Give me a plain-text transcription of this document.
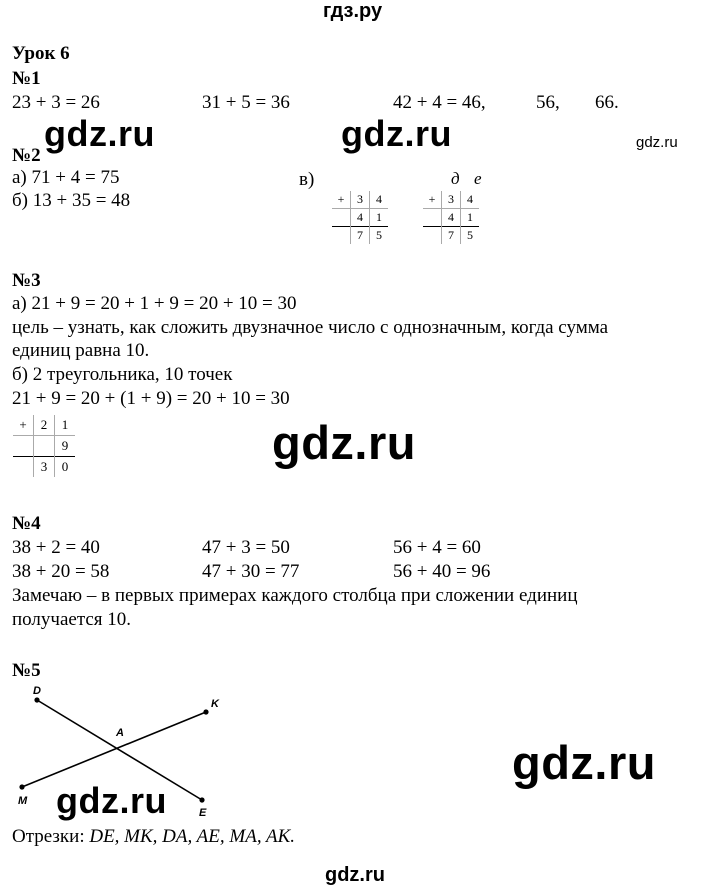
гдз.ру
gdz.ru	gdz.ru	gdz.ru
gdz.ru
gdz.ru
gdz.ru
gdz.ru
Урок 6
№1
23 + 3 = 26	31 + 5 = 36	42 + 4 = 46,	56, 66.
№2
а) 71 + 4 = 75
б) 13 + 35 = 48
в)	д е
+	3	4
	4	1
	7	5
+	3	4
	4	1
	7	5
№3
а) 21 + 9 = 20 + 1 + 9 = 20 + 10 = 30
цель – узнать, как сложить двузначное число с однозначным, когда сумма
единиц равна 10.
б) 2 треугольника, 10 точек
21 + 9 = 20 + (1 + 9) = 20 + 10 = 30
+	2	1
		9
	3	0
№4
38 + 2 = 40	47 + 3 = 50	56 + 4 = 60
38 + 20 = 58	47 + 30 = 77	56 + 40 = 96
Замечаю – в первых примерах каждого столбца при сложении единиц
получается 10.
№5
D
K
A
M
E
Отрезки: DE, MK, DA, AE, MA, AK.
